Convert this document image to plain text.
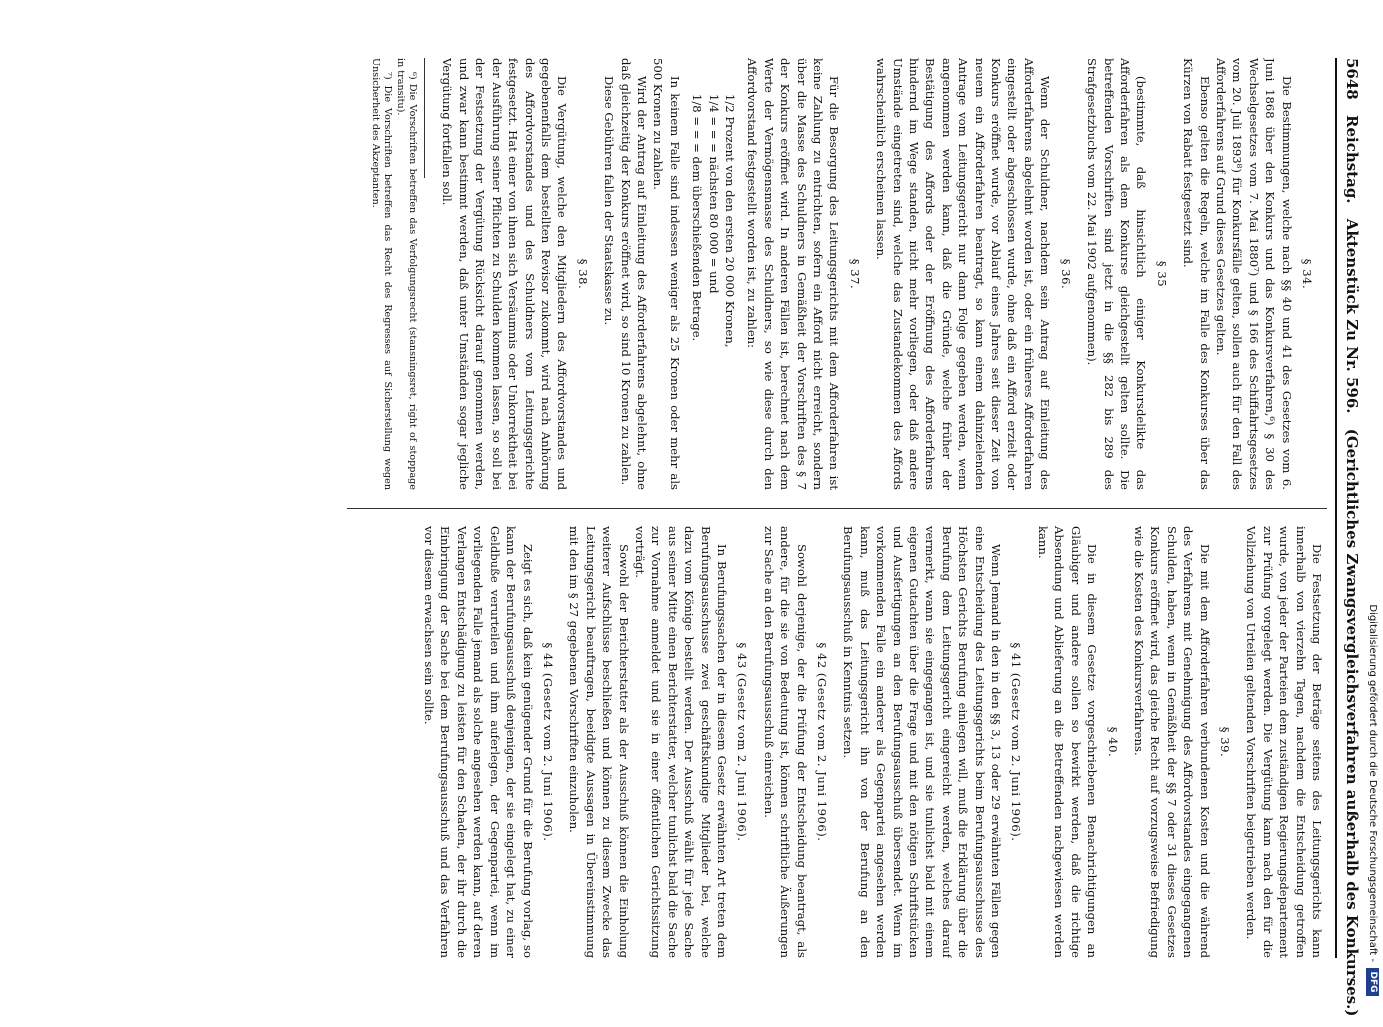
5648 Reichstag. Aktenstück Zu Nr. 596. (Gerichtliches Zwangsvergleichsverfahren außerhalb des Konkurses.)
§ 34.

Die Bestimmungen, welche nach §§ 40 und 41 des Gesetzes vom 6. Juni 1868 über den Konkurs und das Konkursverfahren,⁶) § 30 des Wechselgesetzes vom 7. Mai 1880⁷) und § 166 des Schiffahrtsgesetzes vom 20. Juli 1893⁸) für Konkursfälle gelten, sollen auch für den Fall des Afforderfahrens auf Grund dieses Gesetzes gelten.

Ebenso gelten die Regeln, welche im Falle des Konkurses über das Kürzen von Rabatt festgesetzt sind.

§ 35

(bestimmte, daß hinsichtlich einiger Konkursdelikte das Afforderfahren als dem Konkurse gleichgestellt gelten sollte. Die betreffenden Vorschriften sind jetzt in die §§ 282 bis 289 des Strafgesetzbuchs vom 22. Mai 1902 aufgenommen).

§ 36.

Wenn der Schuldner, nachdem sein Antrag auf Einleitung des Afforderfahrens abgelehnt worden ist, oder ein früheres Afforderfahren eingestellt oder abgeschlossen wurde, ohne daß ein Afford erzielt oder Konkurs eröffnet wurde, vor Ablauf eines Jahres seit dieser Zeit von neuem ein Afforderfahren beantragt, so kann einem dahinzielenden Antrage vom Leitungsgericht nur dann Folge gegeben werden, wenn angenommen werden kann, daß die Gründe, welche früher der Bestätigung des Affords oder der Eröffnung des Afforderfahrens hindernd im Wege standen, nicht mehr vorliegen, oder daß andere Umstände eingetreten sind, welche das Zustandekommen des Affords wahrscheinlich erscheinen lassen.

§ 37.

Für die Besorgung des Leitungsgerichts mit dem Afforderfahren ist keine Zahlung zu entrichten, sofern ein Afford nicht erreicht, sondern über die Masse des Schuldners in Gemäßheit der Vorschriften des § 7 der Konkurs eröffnet wird. In anderen Fällen ist, berechnet nach dem Werte der Vermögensmasse des Schuldners, so wie diese durch den Affordvorstand festgestellt worden ist, zu zahlen:

1/2 Prozent von den ersten 20 000 Kronen,
1/4 = = = nächsten 80 000 = und
1/8 = = = dem überschießenden Betrage.

In keinem Falle sind indessen weniger als 25 Kronen oder mehr als 500 Kronen zu zahlen.

Wird der Antrag auf Einleitung des Afforderfahrens abgelehnt, ohne daß gleichzeitig der Konkurs eröffnet wird, so sind 10 Kronen zu zahlen.

Diese Gebühren fallen der Staatskasse zu.

§ 38.

Die Vergütung, welche den Mitgliedern des Affordvorstandes und gegebenenfalls dem bestellten Revisor zukommt, wird nach Anhörung des Affordvorstandes und des Schuldners vom Leitungsgerichte festgesetzt. Hat einer von ihnen sich Versäumnis oder Unkorrektheit bei der Ausführung seiner Pflichten zu Schulden kommen lassen, so soll bei der Festsetzung der Vergütung Rücksicht darauf genommen werden, und zwar kann bestimmt werden, daß unter Umständen sogar jegliche Vergütung fortfallen soll.

⁶) Die Vorschriften betreffen das Verfolgungsrecht (stansningsret, right of stoppage in transitu).

⁷) Die Vorschriften betreffen das Recht des Regresses auf Sicherstellung wegen Unsicherheit des Akzeptanten.

Die Festsetzung der Beträge seitens des Leitungsgerichts kann innerhalb von vierzehn Tagen, nachdem die Entscheidung getroffen wurde, von jeder der Parteien dem zuständigen Regierungsdepartement zur Prüfung vorgelegt werden. Die Vergütung kann nach den für die Vollziehung von Urteilen geltenden Vorschriften beigetrieben werden.

§ 39.

Die mit dem Afforderfahren verbundenen Kosten und die während des Verfahrens mit Genehmigung des Affordvorstandes eingegangenen Schulden, haben, wenn in Gemäßheit der §§ 7 oder 31 dieses Gesetzes Konkurs eröffnet wird, das gleiche Recht auf vorzugsweise Befriedigung wie die Kosten des Konkursverfahrens.

§ 40.

Die in diesem Gesetze vorgeschriebenen Benachrichtigungen an Gläubiger und andere sollen so bewirkt werden, daß die richtige Absendung und Ablieferung an die Betreffenden nachgewiesen werden kann.

§ 41 (Gesetz vom 2. Juni 1906).

Wenn Jemand in den in den §§ 3, 13 oder 29 erwähnten Fällen gegen eine Entscheidung des Leitungsgerichts beim Berufungsausschusse des Höchsten Gerichts Berufung einlegen will, muß die Erklärung über die Berufung dem Leitungsgericht eingereicht werden, welches darauf vermerkt, wann sie eingegangen ist, und sie tunlichst bald mit einem eigenen Gutachten über die Frage und mit den nötigen Schriftstücken und Ausfertigungen an den Berufungsausschuß übersendet. Wenn im vorkommenden Falle ein anderer als Gegenpartei angesehen werden kann, muß das Leitungsgericht ihn von der Berufung an den Berufungsausschuß in Kenntnis setzen.

§ 42 (Gesetz vom 2. Juni 1906).

Sowohl derjenige, der die Prüfung der Entscheidung beantragt, als andere, für die sie von Bedeutung ist, können schriftliche Äußerungen zur Sache an den Berufungsausschuß einreichen.

§ 43 (Gesetz vom 2. Juni 1906).

In Berufungssachen der in diesem Gesetz erwähnten Art treten dem Berufungsausschusse zwei geschäftskundige Mitglieder bei, welche dazu vom Könige bestellt werden. Der Ausschuß wählt für jede Sache aus seiner Mitte einen Berichterstatter, welcher tunlichst bald die Sache zur Vornahme anmeldet und sie in einer öffentlichen Gerichtssitzung vorträgt.

Sowohl der Berichterstatter als der Ausschuß können die Einholung weiterer Aufschlüsse beschließen und können zu diesem Zwecke das Leitungsgericht beauftragen, beeidigte Aussagen in Übereinstimmung mit den im § 27 gegebenen Vorschriften einzuholen.

§ 44 (Gesetz vom 2. Juni 1906).

Zeigt es sich, daß kein genügender Grund für die Berufung vorlag, so kann der Berufungsausschuß denjenigen, der sie eingelegt hat, zu einer Geldbuße verurteilen und ihm auferlegen, der Gegenpartei, wenn im vorliegenden Falle jemand als solche angesehen werden kann, auf deren Verlangen Entschädigung zu leisten für den Schaden, der ihr durch die Einbringung der Sache bei dem Berufungsausschuß und das Verfahren vor diesem erwachsen sein sollte.	Digitalisierung gefördert durch die Deutsche Forschungsgemeinschaft -
DFG
